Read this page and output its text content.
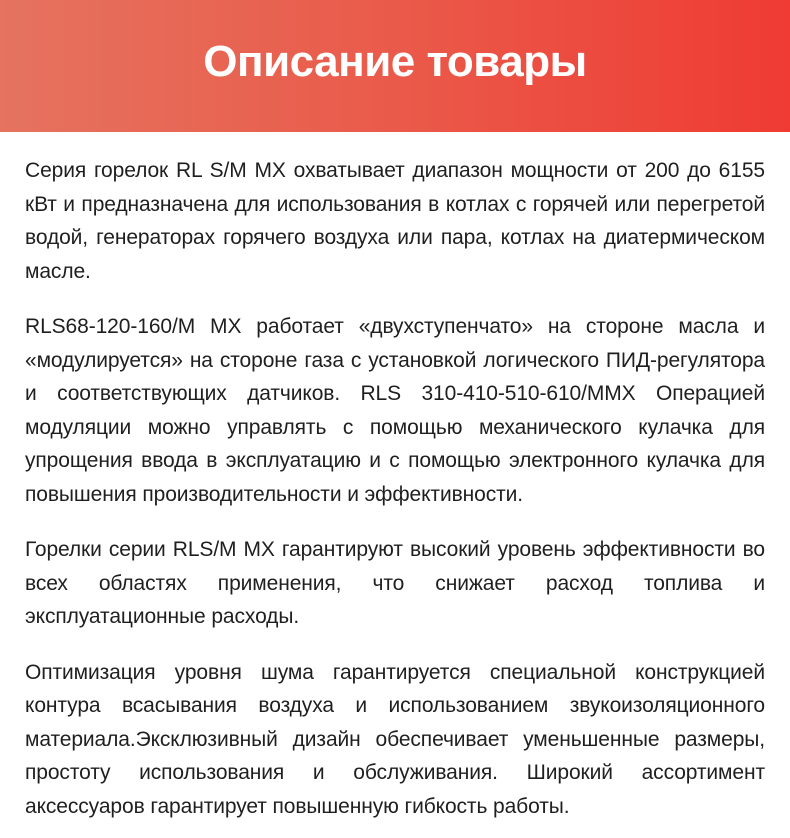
Описание товары

Серия горелок RL S/M MX охватывает диапазон мощности от 200 до 6155 кВт и предназначена для использования в котлах с горячей или перегретой водой, генераторах горячего воздуха или пара, котлах на диатермическом масле.

RLS68-120-160/M MX работает «двухступенчато» на стороне масла и «модулируется» на стороне газа с установкой логического ПИД-регулятора и соответствующих датчиков. RLS 310-410-510-610/MMX Операцией модуляции можно управлять с помощью механического кулачка для упрощения ввода в эксплуатацию и с помощью электронного кулачка для повышения производительности и эффективности.

Горелки серии RLS/M MX гарантируют высокий уровень эффективности во всех областях применения, что снижает расход топлива и эксплуатационные расходы.

Оптимизация уровня шума гарантируется специальной конструкцией контура всасывания воздуха и использованием звукоизоляционного материала.Эксклюзивный дизайн обеспечивает уменьшенные размеры, простоту использования и обслуживания. Широкий ассортимент аксессуаров гарантирует повышенную гибкость работы.
